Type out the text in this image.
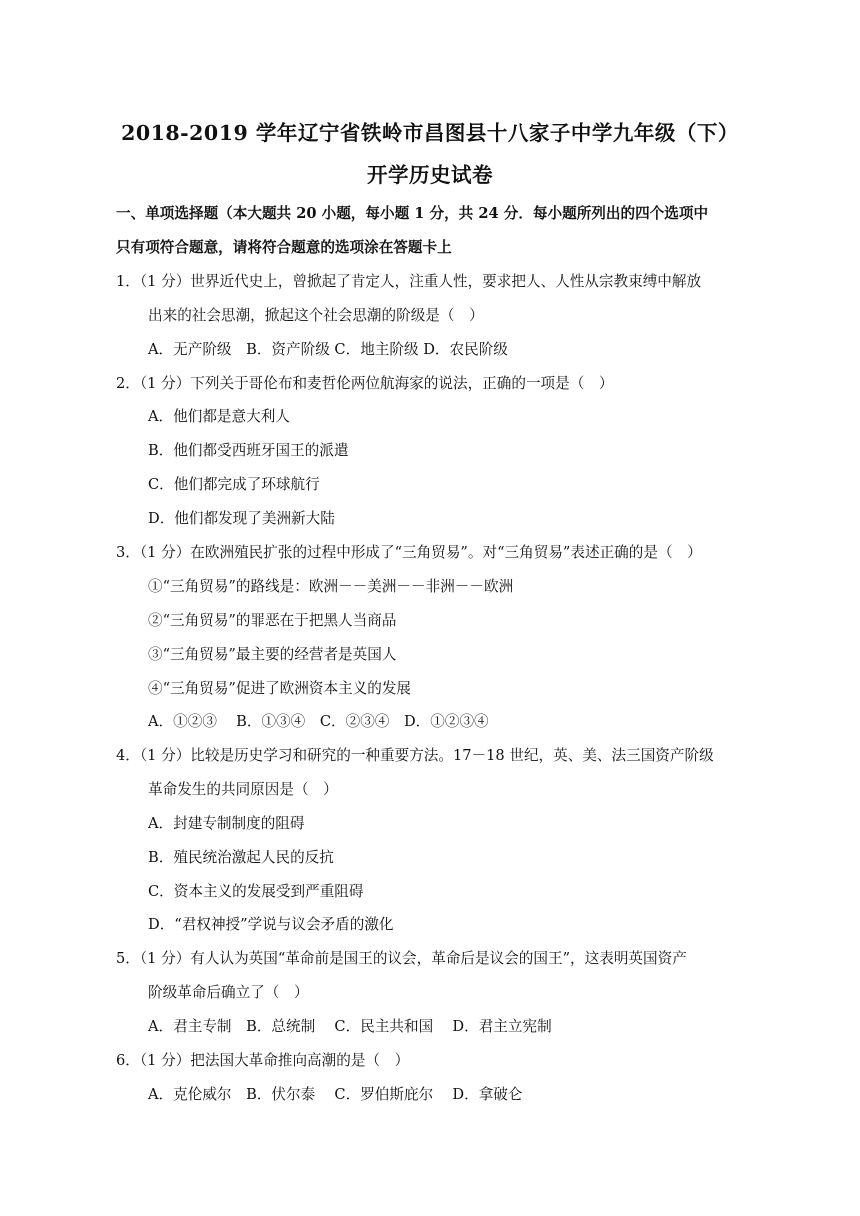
2018-2019 学年辽宁省铁岭市昌图县十八家子中学九年级（下）
开学历史试卷
一、单项选择题（本大题共 20 小题，每小题 1 分，共 24 分．每小题所列出的四个选项中
只有项符合题意，请将符合题意的选项涂在答题卡上
1．（1 分）世界近代史上，曾掀起了肯定人，注重人性，要求把人、人性从宗教束缚中解放
出来的社会思潮，掀起这个社会思潮的阶级是（　）
A．无产阶级　B．资产阶级 C．地主阶级 D．农民阶级
2．（1 分）下列关于哥伦布和麦哲伦两位航海家的说法，正确的一项是（　）
A．他们都是意大利人
B．他们都受西班牙国王的派遣
C．他们都完成了环球航行
D．他们都发现了美洲新大陆
3．（1 分）在欧洲殖民扩张的过程中形成了“三角贸易”。对“三角贸易”表述正确的是（　）
①“三角贸易”的路线是：欧洲－－美洲－－非洲－－欧洲
②“三角贸易”的罪恶在于把黑人当商品
③“三角贸易”最主要的经营者是英国人
④“三角贸易”促进了欧洲资本主义的发展
A．①②③　 B．①③④　C．②③④　D．①②③④
4．（1 分）比较是历史学习和研究的一种重要方法。17－18 世纪，英、美、法三国资产阶级
革命发生的共同原因是（　）
A．封建专制制度的阻碍
B．殖民统治激起人民的反抗
C．资本主义的发展受到严重阻碍
D．“君权神授”学说与议会矛盾的激化
5．（1 分）有人认为英国“革命前是国王的议会，革命后是议会的国王”，这表明英国资产
阶级革命后确立了（　）
A．君主专制　B．总统制　 C．民主共和国　 D．君主立宪制
6．（1 分）把法国大革命推向高潮的是（　）
A．克伦威尔　B．伏尔泰　 C．罗伯斯庇尔　 D．拿破仑
